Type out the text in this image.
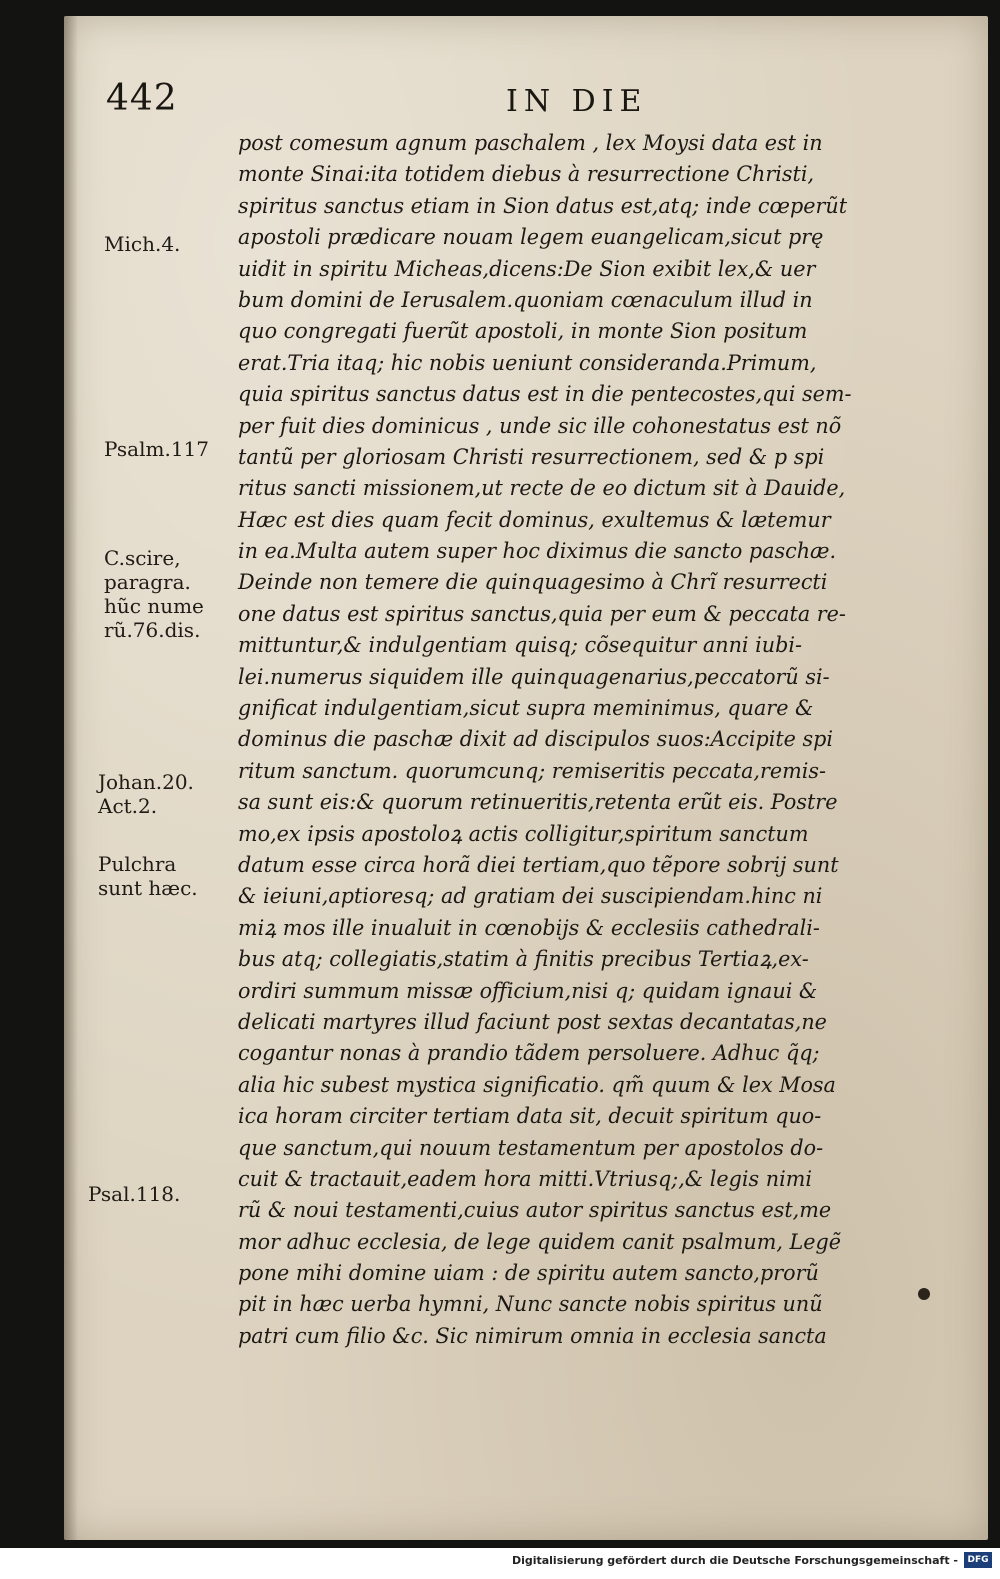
442	IN DIE
post comesum agnum paschalem , lex Moysi data est in
monte Sinai:ita totidem diebus à resurrectione Christi,
spiritus sanctus etiam in Sion datus est,atq; inde cœperũt
apostoli prædicare nouam legem euangelicam,sicut prę
uidit in spiritu Micheas,dicens:De Sion exibit lex,& uer
bum domini de Ierusalem.quoniam cœnaculum illud in
quo congregati fuerũt apostoli, in monte Sion positum
erat.Tria itaq; hic nobis ueniunt consideranda.Primum,
quia spiritus sanctus datus est in die pentecostes,qui sem-
per fuit dies dominicus , unde sic ille cohonestatus est nõ
tantũ per gloriosam Christi resurrectionem, sed & p spi
ritus sancti missionem,ut recte de eo dictum sit à Dauide,
Hæc est dies quam fecit dominus, exultemus & lætemur
in ea.Multa autem super hoc diximus die sancto paschæ.
Deinde non temere die quinquagesimo à Chrĩ resurrecti
one datus est spiritus sanctus,quia per eum & peccata re-
mittuntur,& indulgentiam quisq; cõsequitur anni iubi-
lei.numerus siquidem ille quinquagenarius,peccatorũ si-
gnificat indulgentiam,sicut supra meminimus, quare &
dominus die paschæ dixit ad discipulos suos:Accipite spi
ritum sanctum. quorumcunq; remiseritis peccata,remis-
sa sunt eis:& quorum retinueritis,retenta erũt eis. Postre
mo,ex ipsis apostoloꝝ actis colligitur,spiritum sanctum
datum esse circa horã diei tertiam,quo tẽpore sobrij sunt
& ieiuni,aptioresq; ad gratiam dei suscipiendam.hinc ni
miꝝ mos ille inualuit in cœnobijs & ecclesiis cathedrali-
bus atq; collegiatis,statim à finitis precibus Tertiaꝝ,ex-
ordiri summum missæ officium,nisi q; quidam ignaui &
delicati martyres illud faciunt post sextas decantatas,ne
cogantur nonas à prandio tãdem persoluere. Adhuc q̃q;
alia hic subest mystica significatio. qm̃ quum & lex Mosa
ica horam circiter tertiam data sit, decuit spiritum quo-
que sanctum,qui nouum testamentum per apostolos do-
cuit & tractauit,eadem hora mitti.Vtriusq;,& legis nimi
rũ & noui testamenti,cuius autor spiritus sanctus est,me
mor adhuc ecclesia, de lege quidem canit psalmum, Legẽ
pone mihi domine uiam : de spiritu autem sancto,prorũ
pit in hæc uerba hymni, Nunc sancte nobis spiritus unũ
patri cum filio &c. Sic nimirum omnia in ecclesia sancta
Mich.4.
Psalm.117
C.scire,
paragra.
hũc nume
rũ.76.dis.
Johan.20.
Act.2.
Pulchra
sunt hæc.
Psal.118.
Digitalisierung gefördert durch die Deutsche Forschungsgemeinschaft -	DFG
